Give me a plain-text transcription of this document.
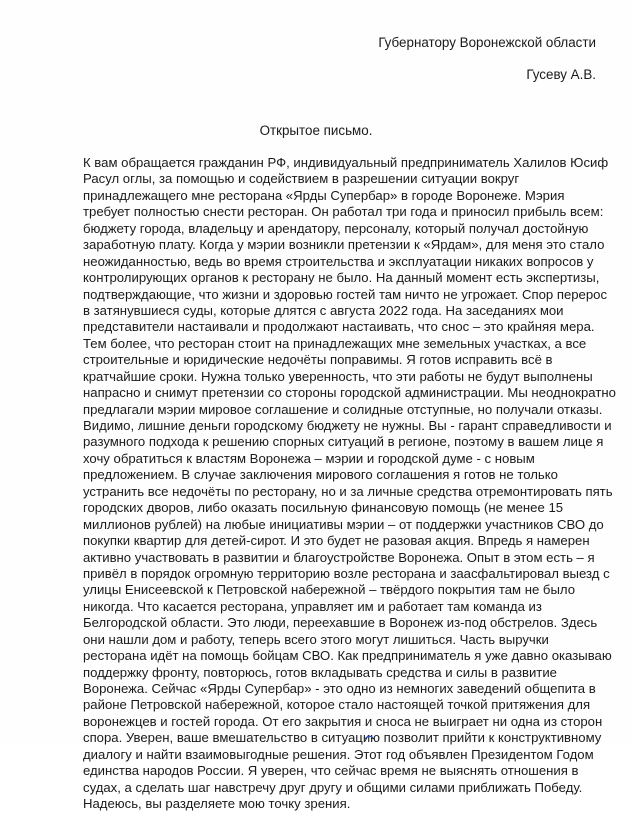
Губернатору Воронежской области
Гусеву А.В.
Открытое письмо.
К вам обращается гражданин РФ, индивидуальный предприниматель Халилов Юсиф
Расул оглы, за помощью и содействием в разрешении ситуации вокруг
принадлежащего мне ресторана «Ярды Супербар» в городе Воронеже. Мэрия
требует полностью снести ресторан. Он работал три года и приносил прибыль всем:
бюджету города, владельцу и арендатору, персоналу, который получал достойную
заработную плату. Когда у мэрии возникли претензии к «Ярдам», для меня это стало
неожиданностью, ведь во время строительства и эксплуатации никаких вопросов у
контролирующих органов к ресторану не было. На данный момент есть экспертизы,
подтверждающие, что жизни и здоровью гостей там ничто не угрожает. Спор перерос
в затянувшиеся суды, которые длятся с августа 2022 года. На заседаниях мои
представители настаивали и продолжают настаивать, что снос – это крайняя мера.
Тем более, что ресторан стоит на принадлежащих мне земельных участках, а все
строительные и юридические недочёты поправимы. Я готов исправить всё в
кратчайшие сроки. Нужна только уверенность, что эти работы не будут выполнены
напрасно и снимут претензии со стороны городской администрации. Мы неоднократно
предлагали мэрии мировое соглашение и солидные отступные, но получали отказы.
Видимо, лишние деньги городскому бюджету не нужны. Вы - гарант справедливости и
разумного подхода к решению спорных ситуаций в регионе, поэтому в вашем лице я
хочу обратиться к властям Воронежа – мэрии и городской думе - с новым
предложением. В случае заключения мирового соглашения я готов не только
устранить все недочёты по ресторану, но и за личные средства отремонтировать пять
городских дворов, либо оказать посильную финансовую помощь (не менее 15
миллионов рублей) на любые инициативы мэрии – от поддержки участников СВО до
покупки квартир для детей-сирот. И это будет не разовая акция. Впредь я намерен
активно участвовать в развитии и благоустройстве Воронежа. Опыт в этом есть – я
привёл в порядок огромную территорию возле ресторана и заасфальтировал выезд с
улицы Енисеевской к Петровской набережной – твёрдого покрытия там не было
никогда. Что касается ресторана, управляет им и работает там команда из
Белгородской области. Это люди, переехавшие в Воронеж из-под обстрелов. Здесь
они нашли дом и работу, теперь всего этого могут лишиться. Часть выручки
ресторана идёт на помощь бойцам СВО. Как предприниматель я уже давно оказываю
поддержку фронту, повторюсь, готов вкладывать средства и силы в развитие
Воронежа. Сейчас «Ярды Супербар» - это одно из немногих заведений общепита в
районе Петровской набережной, которое стало настоящей точкой притяжения для
воронежцев и гостей города. От его закрытия и сноса не выиграет ни одна из сторон
спора. Уверен, ваше вмешательство в ситуацию позволит прийти к конструктивному
диалогу и найти взаимовыгодные решения. Этот год объявлен Президентом Годом
единства народов России. Я уверен, что сейчас время не выяснять отношения в
судах, а сделать шаг навстречу друг другу и общими силами приближать Победу.
Надеюсь, вы разделяете мою точку зрения.
